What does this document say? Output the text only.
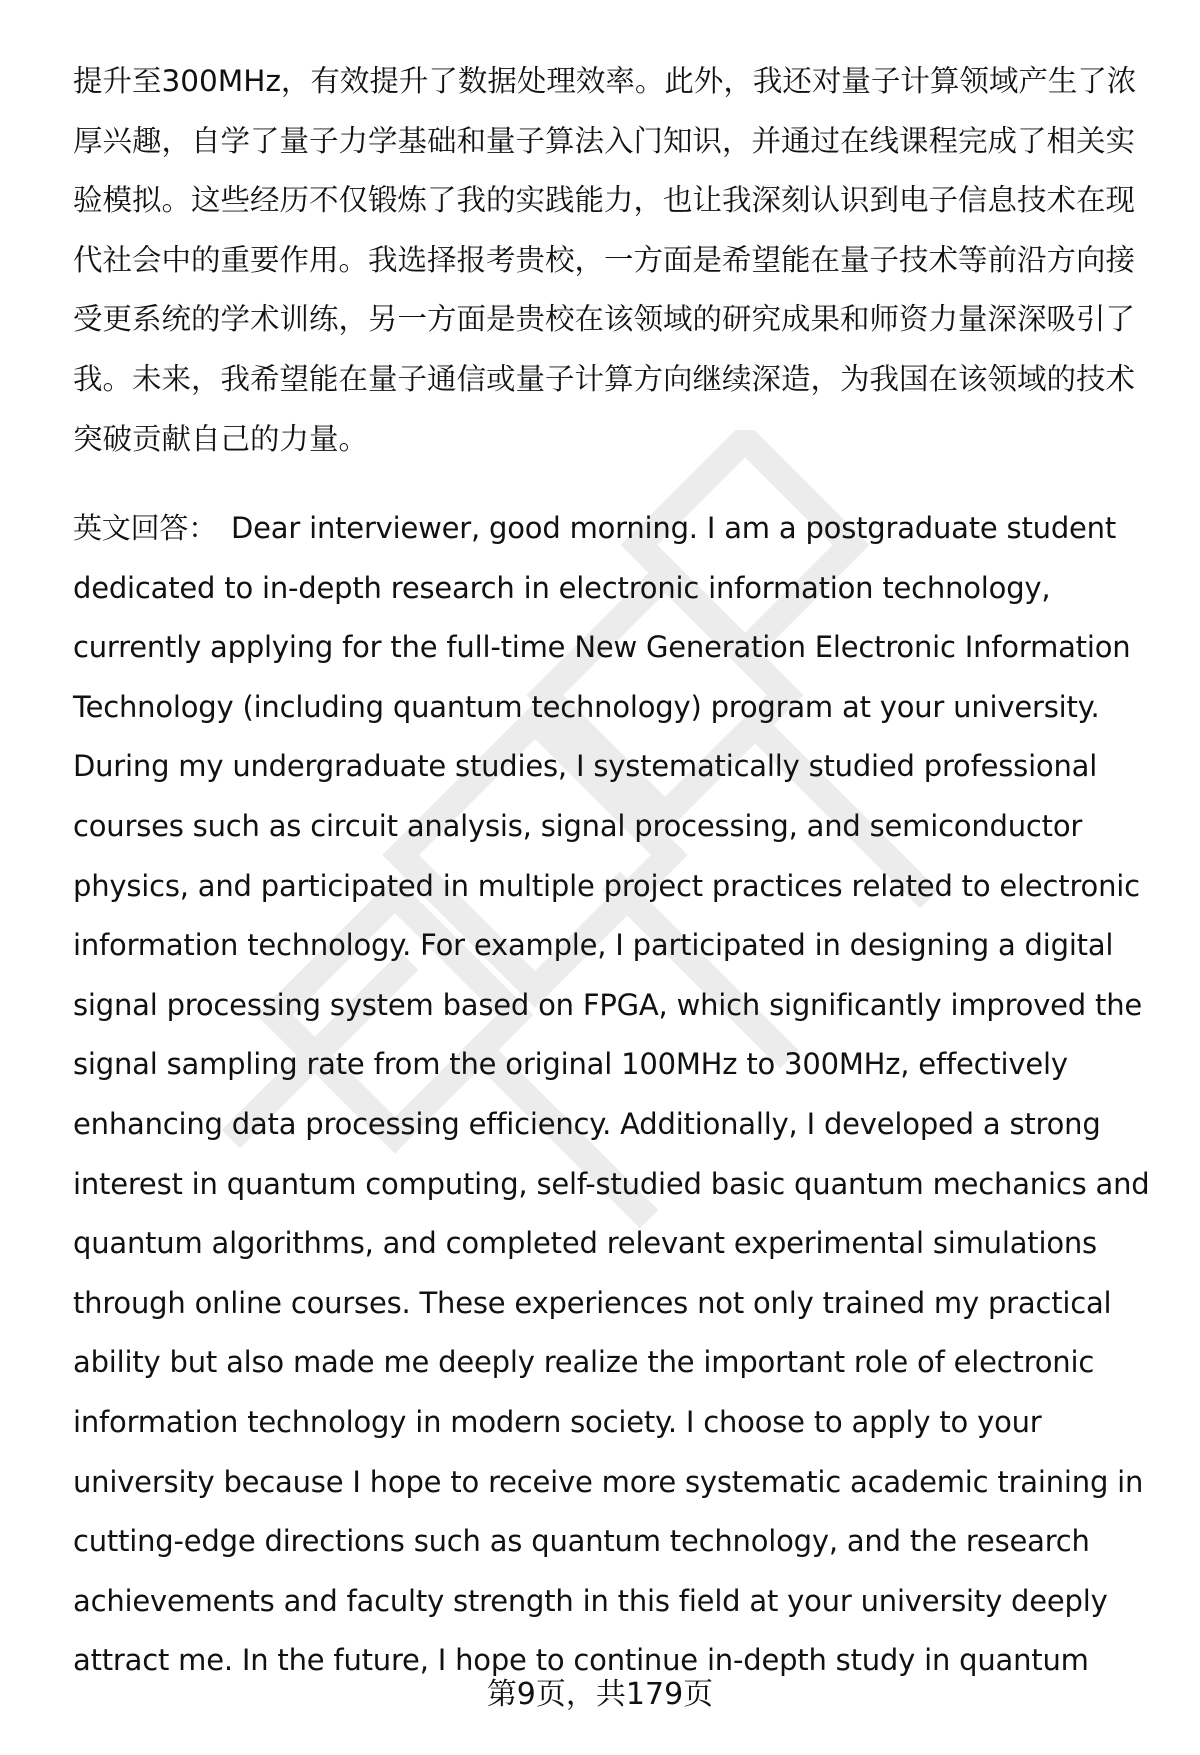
提升至300MHz，有效提升了数据处理效率。此外，我还对量子计算领域产生了浓
厚兴趣，自学了量子力学基础和量子算法入门知识，并通过在线课程完成了相关实
验模拟。这些经历不仅锻炼了我的实践能力，也让我深刻认识到电子信息技术在现
代社会中的重要作用。我选择报考贵校，一方面是希望能在量子技术等前沿方向接
受更系统的学术训练，另一方面是贵校在该领域的研究成果和师资力量深深吸引了
我。未来，我希望能在量子通信或量子计算方向继续深造，为我国在该领域的技术
突破贡献自己的力量。
英文回答： Dear interviewer, good morning. I am a postgraduate student
dedicated to in-depth research in electronic information technology,
currently applying for the full-time New Generation Electronic Information
Technology (including quantum technology) program at your university.
During my undergraduate studies, I systematically studied professional
courses such as circuit analysis, signal processing, and semiconductor
physics, and participated in multiple project practices related to electronic
information technology. For example, I participated in designing a digital
signal processing system based on FPGA, which significantly improved the
signal sampling rate from the original 100MHz to 300MHz, effectively
enhancing data processing efficiency. Additionally, I developed a strong
interest in quantum computing, self-studied basic quantum mechanics and
quantum algorithms, and completed relevant experimental simulations
through online courses. These experiences not only trained my practical
ability but also made me deeply realize the important role of electronic
information technology in modern society. I choose to apply to your
university because I hope to receive more systematic academic training in
cutting-edge directions such as quantum technology, and the research
achievements and faculty strength in this field at your university deeply
attract me. In the future, I hope to continue in-depth study in quantum
第9页，共179页
